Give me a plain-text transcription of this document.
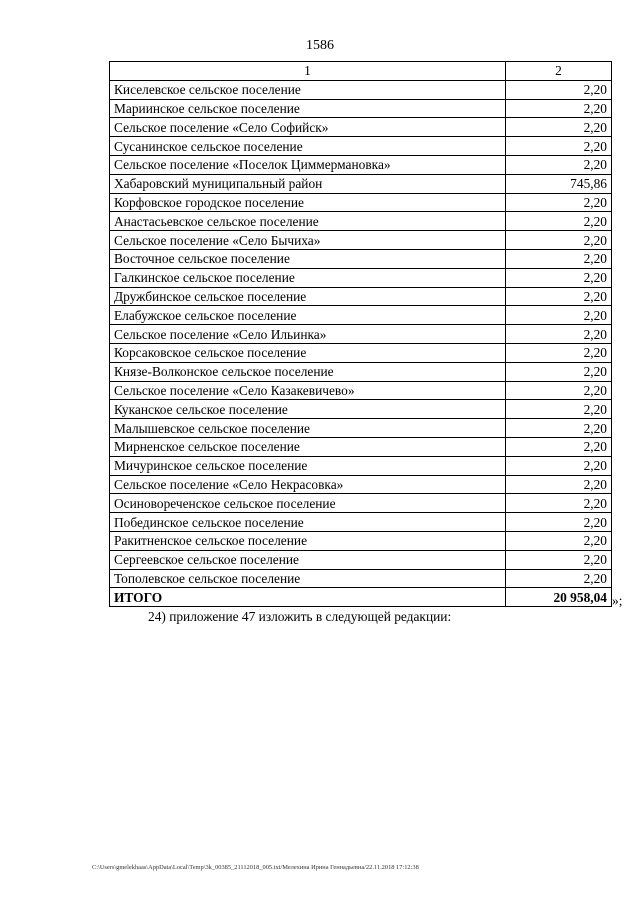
1586
1	2
Киселевское сельское поселение	2,20
Мариинское сельское поселение	2,20
Сельское поселение «Село Софийск»	2,20
Сусанинское сельское поселение	2,20
Сельское поселение «Поселок Циммермановка»	2,20
Хабаровский муниципальный район	745,86
Корфовское городское поселение	2,20
Анастасьевское сельское поселение	2,20
Сельское поселение «Село Бычиха»	2,20
Восточное сельское поселение	2,20
Галкинское сельское поселение	2,20
Дружбинское сельское поселение	2,20
Елабужское сельское поселение	2,20
Сельское поселение «Село Ильинка»	2,20
Корсаковское сельское поселение	2,20
Князе-Волконское сельское поселение	2,20
Сельское поселение «Село Казакевичево»	2,20
Куканское сельское поселение	2,20
Малышевское сельское поселение	2,20
Мирненское сельское поселение	2,20
Мичуринское сельское поселение	2,20
Сельское поселение «Село Некрасовка»	2,20
Осиновореченское сельское поселение	2,20
Побединское сельское поселение	2,20
Ракитненское сельское поселение	2,20
Сергеевское сельское поселение	2,20
Тополевское сельское поселение	2,20
ИТОГО	20 958,04 »;
24) приложение 47 изложить в следующей редакции:
C:\Users\gmelekhaas\AppData\Local\Temp\3k_00385_21112018_005.txt/Мелехина Ирина Геннадьевна/22.11.2018 17:12:38
